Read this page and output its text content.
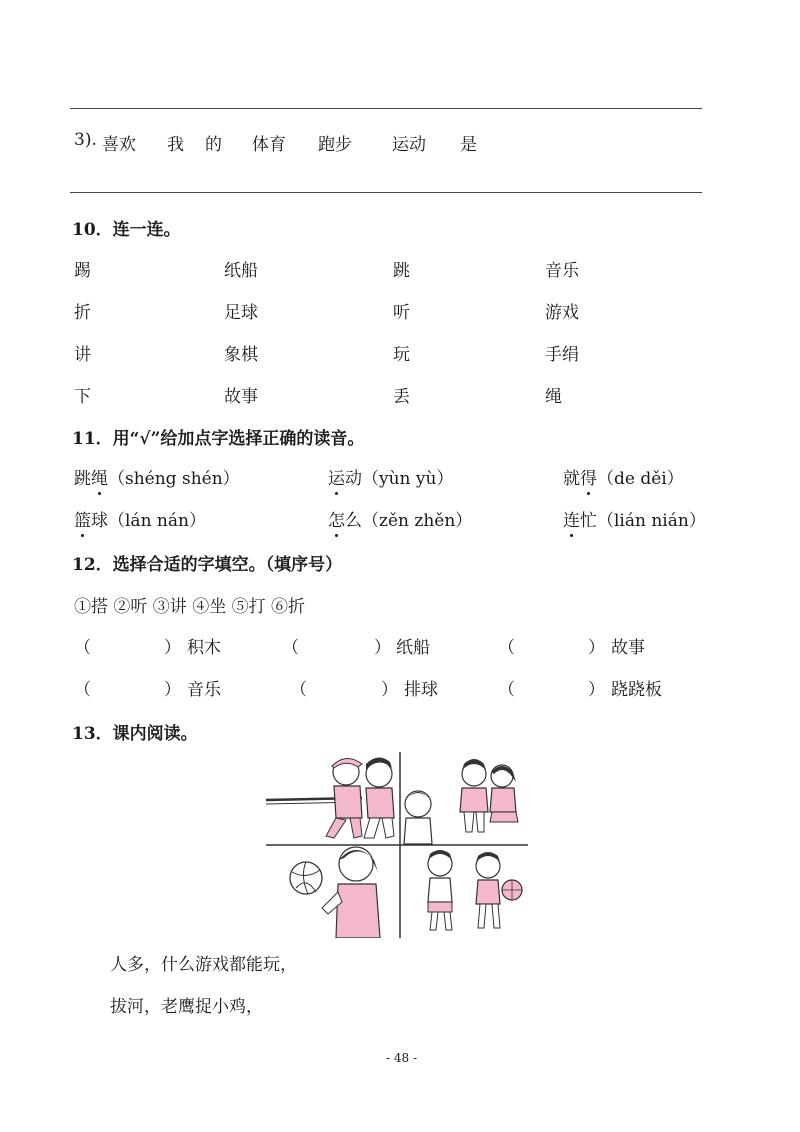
3). 喜欢 我 的 体育 跑步 运动 是
10．连一连。
踢	纸船	跳	音乐
折	足球	听	游戏
讲	象棋	玩	手绢
下	故事	丢	绳
11．用“√”给加点字选择正确的读音。
跳绳（shéng shén）	运动（yùn yù）	就得（de děi）
篮球（lán nán）	怎么（zěn zhěn）	连忙（lián nián）
12．选择合适的字填空。（填序号）
①搭 ②听 ③讲 ④坐 ⑤打 ⑥折
（	） 积木	（	） 纸船	（	） 故事
（	） 音乐	（	） 排球	（	） 跷跷板
13．课内阅读。
人多，什么游戏都能玩，
拔河，老鹰捉小鸡，
- 48 -
